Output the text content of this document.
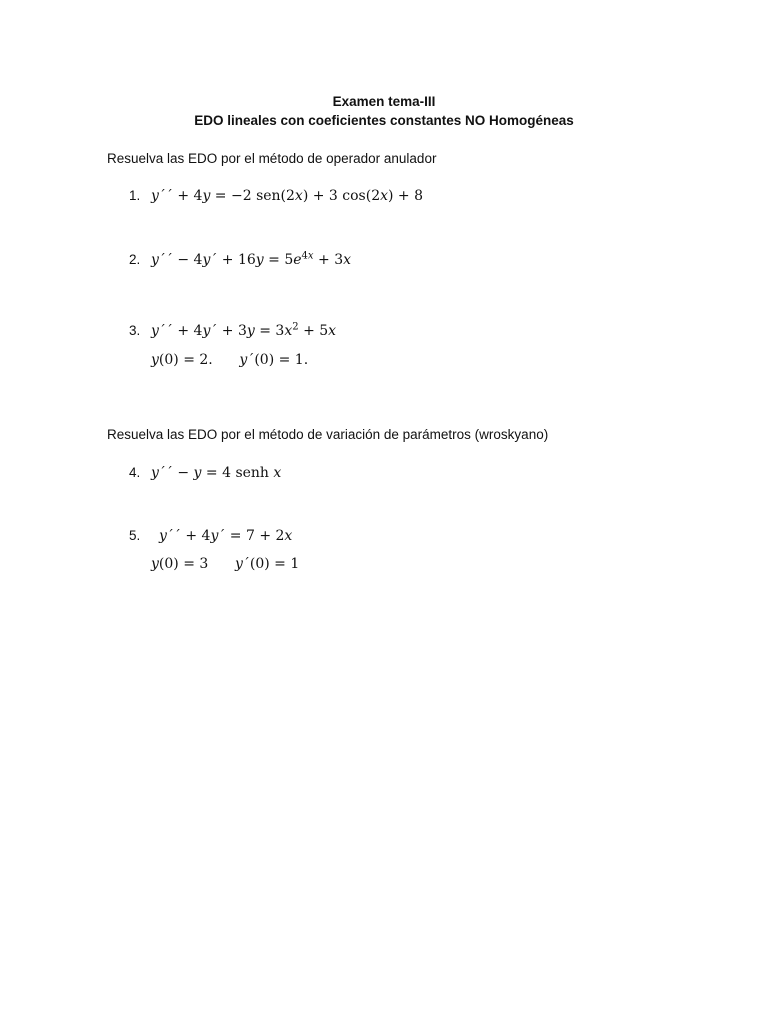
Examen tema-III
EDO lineales con coeficientes constantes NO Homogéneas
Resuelva las EDO por el método de operador anulador
1. 𝑦´´ + 4𝑦 = −2 sen(2𝑥) + 3 cos(2𝑥) + 8
2. 𝑦´´ − 4𝑦´ + 16𝑦 = 5𝑒$^{4𝑥}$ + 3𝑥
3. 𝑦´´ + 4𝑦´ + 3𝑦 = 3𝑥$^2$ + 5𝑥
𝑦(0) = 2.      𝑦´(0) = 1.
Resuelva las EDO por el método de variación de parámetros (wroskyano)
4. 𝑦´´ − 𝑦 = 4 senh 𝑥
5. 𝑦´´ + 4𝑦´ = 7 + 2𝑥
𝑦(0) = 3      𝑦´(0) = 1
